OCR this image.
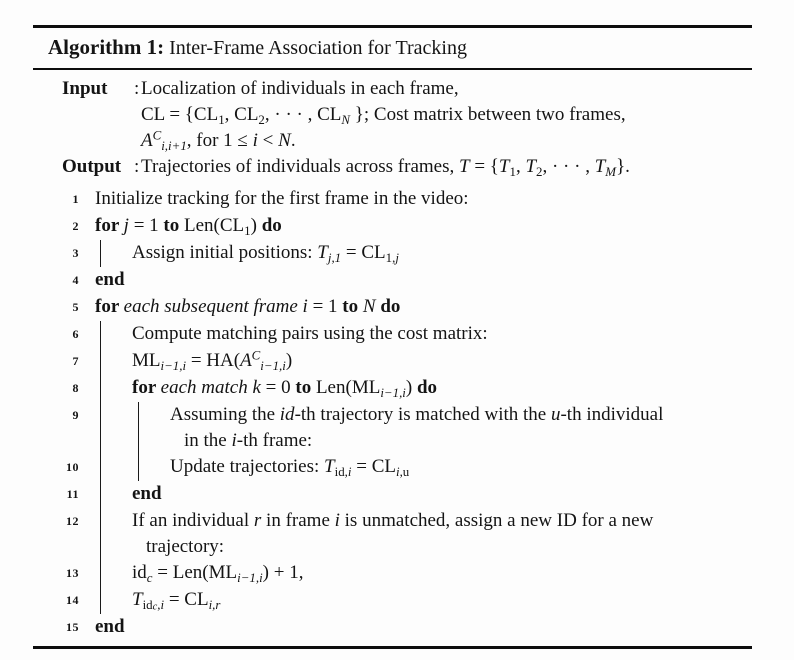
Algorithm 1: Inter-Frame Association for Tracking
Input	: Localization of individuals in each frame,
CL = {$CL_1$, $CL_2$, · · · , $CL_N$ }; Cost matrix between two frames,
$A^C_{i,i+1}$, for 1 ≤ i < N.
Output : Trajectories of individuals across frames, $T = \{T_1$, $T_2$, · · · , $T_M$}.
1 Initialize tracking for the first frame in the video:
2 for j = 1 to $Len(CL_1)$ do
3	Assign initial positions: $T_{j,1} = CL_{1,j}$
4 end
5 for each subsequent frame i = 1 to N do
6	Compute matching pairs using the cost matrix:
7	$ML_{i-1,i} = HA(A^C_{i-1,i})$
8	for each match k = 0 to $Len(ML_{i-1,i})$ do
9	Assuming the id-th trajectory is matched with the u-th individual
in the i-th frame:
10	Update trajectories: $T_{id,i} = CL_{i,u}$
11	end
12	If an individual r in frame i is unmatched, assign a new ID for a new
trajectory:
13	$id_c = Len(ML_{i-1,i}) + 1$,
14	$T_{idc,i} = CL_{i,r}$
15 end
